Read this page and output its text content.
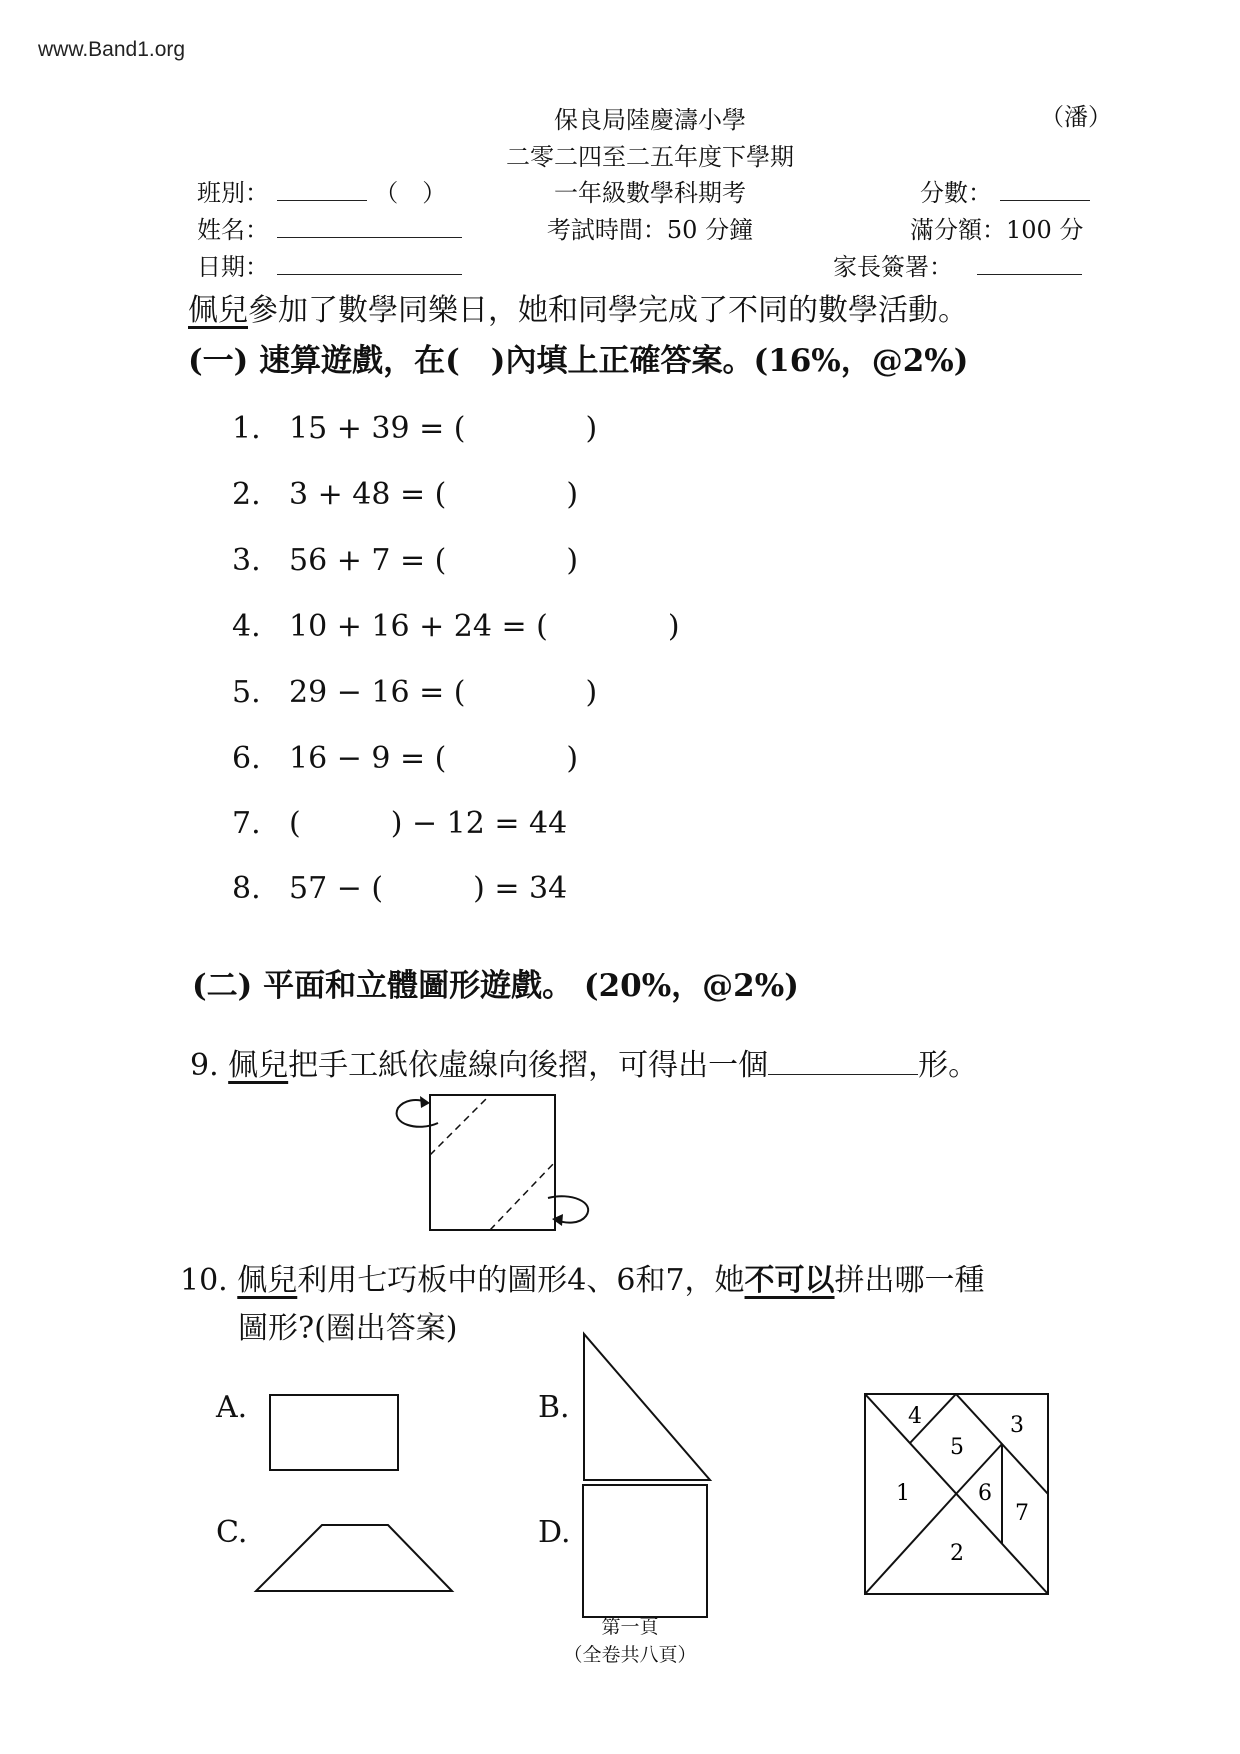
www.Band1.org
（潘）
保良局陸慶濤小學
二零二四至二五年度下學期
班別：	（　）	一年級數學科期考	分數：
姓名：	考試時間：50 分鐘	滿分額：100 分
日期：	家長簽署：
佩兒參加了數學同樂日，她和同學完成了不同的數學活動。
(一) 速算遊戲，在(　)內填上正確答案。(16%，@2%)
1. 15 + 39 = (　　　　)
2. 3 + 48 = (　　　　)
3. 56 + 7 = (　　　　)
4. 10 + 16 + 24 = (　　　　)
5. 29 − 16 = (　　　　)
6. 16 − 9 = (　　　　)
7. (　　　) − 12 = 44
8. 57 − (　　　) = 34
(二) 平面和立體圖形遊戲。 (20%，@2%)
9. 佩兒把手工紙依虛線向後摺，可得出一個	形。
10. 佩兒利用七巧板中的圖形4、6和7，她不可以拼出哪一種
圖形?(圈出答案)
A.	B.
C.	D.
1
2
3
4
5
6
7
第一頁
（全卷共八頁）
